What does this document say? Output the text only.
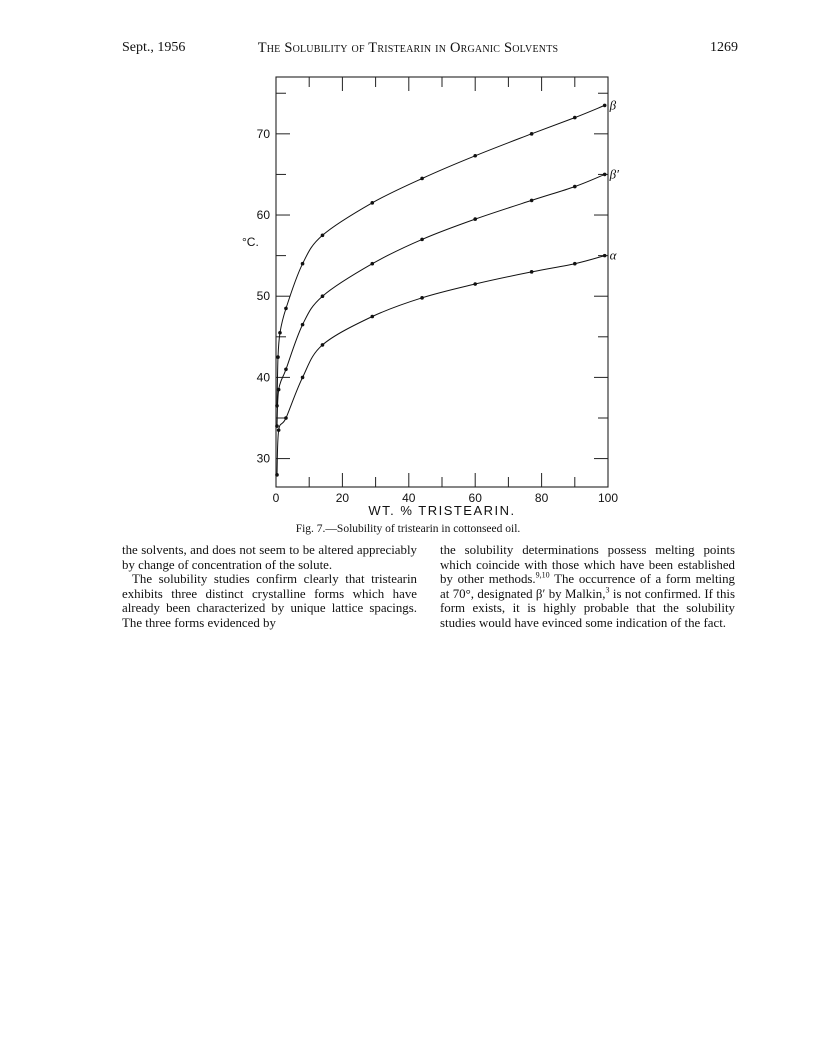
Sept., 1956	The Solubility of Tristearin in Organic Solvents	1269
30
40
50
60
70
0	20	40	60	80	100
β
β′
α
°C.
WT. % TRISTEARIN.
Fig. 7.—Solubility of tristearin in cottonseed oil.

the solvents, and does not seem to be altered appreciably by change of concentration of the solute.

The solubility studies confirm clearly that tristearin exhibits three distinct crystalline forms which have already been characterized by unique lattice spacings. The three forms evidenced by

the solubility determinations possess melting points which coincide with those which have been established by other methods.$^{9,10}$ The occurrence of a form melting at 70°, designated β′ by Malkin,$^3$ is not confirmed. If this form exists, it is highly probable that the solubility studies would have evinced some indication of the fact.
